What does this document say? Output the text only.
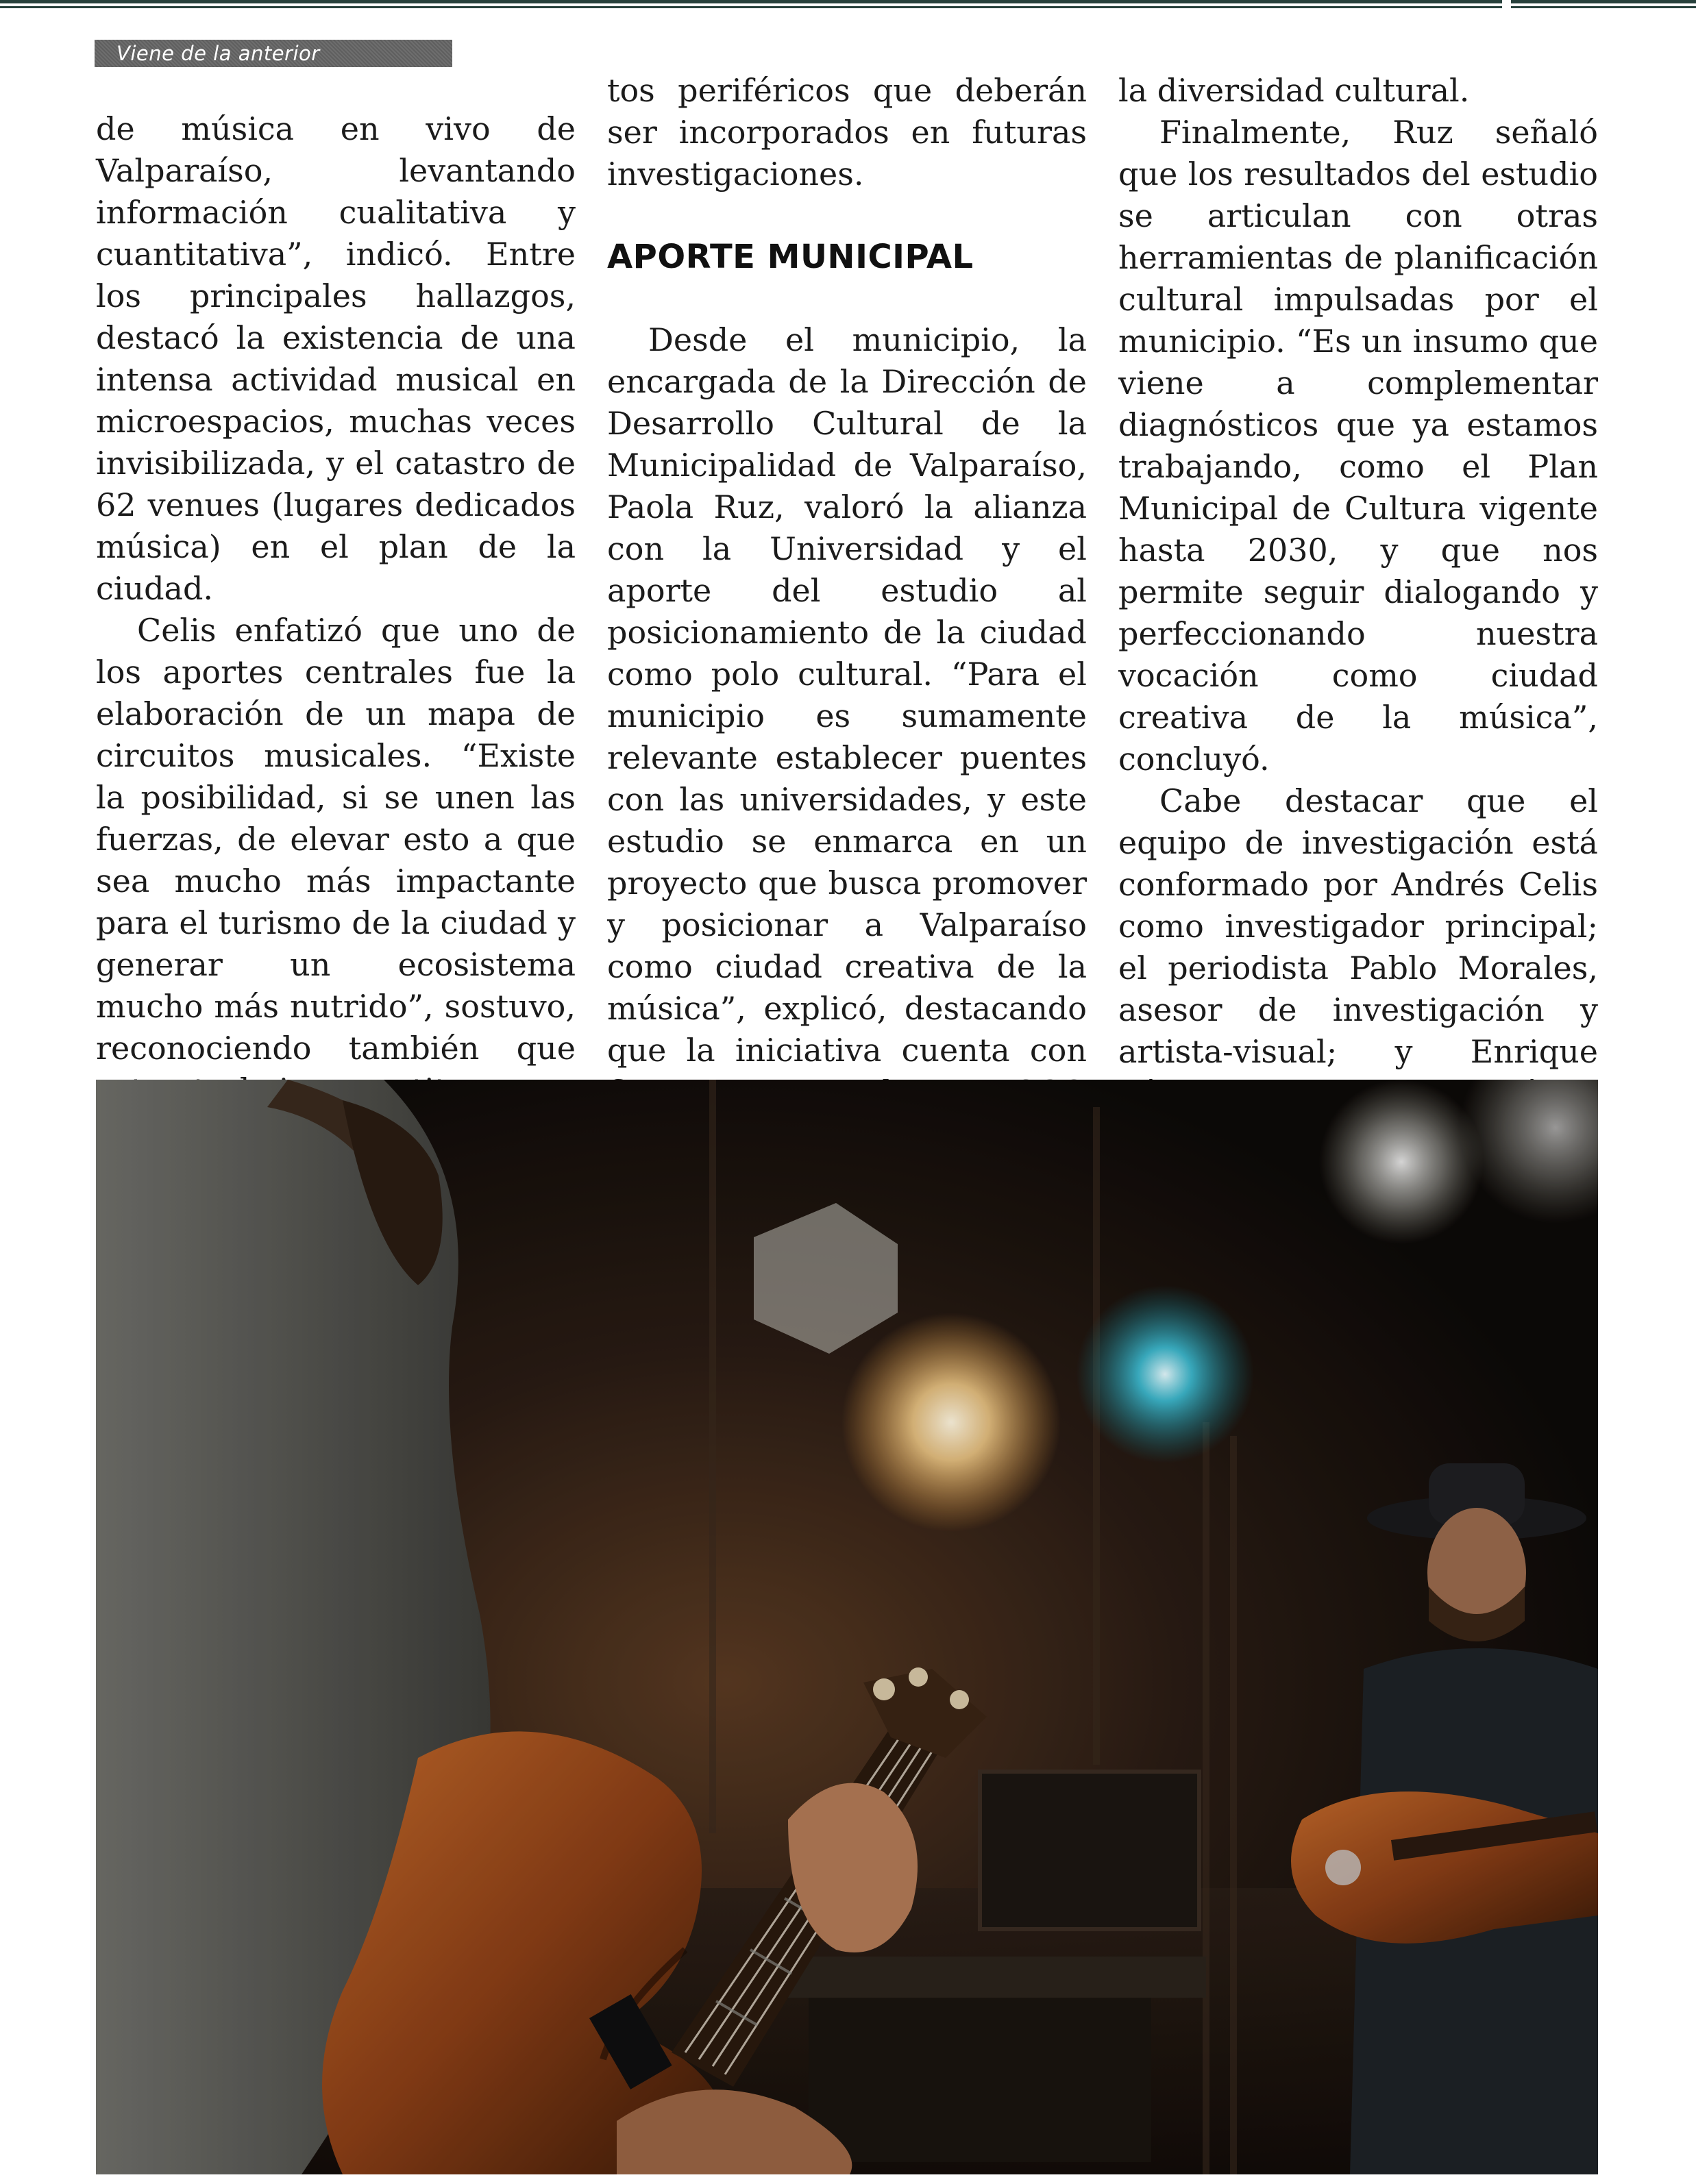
Viene de la anterior

de música en vivo de Valparaíso, levantando información cualitativa y cuantitativa”, indicó. Entre los principales hallazgos, destacó la existencia de una intensa actividad musical en microespacios, muchas veces invisibilizada, y el catastro de 62 venues (lugares dedicados música) en el plan de la ciudad.

Celis enfatizó que uno de los aportes centrales fue la elaboración de un mapa de circuitos musicales. “Existe la posibilidad, si se unen las fuerzas, de elevar esto a que sea mucho más impactante para el turismo de la ciudad y generar un ecosistema mucho más nutrido”, sostuvo, reconociendo también que

tos periféricos que deberán ser incorporados en futuras investigaciones.

APORTE MUNICIPAL

Desde el municipio, la encargada de la Dirección de Desarrollo Cultural de la Municipalidad de Valparaíso, Paola Ruz, valoró la alianza con la Universidad y el aporte del estudio al posicionamiento de la ciudad como polo cultural. “Para el municipio es sumamente relevante establecer puentes con las universidades, y este estudio se enmarca en un proyecto que busca promover y posicionar a Valparaíso como ciudad creativa de la música”, explicó, destacando que la iniciativa cuenta con

la diversidad cultural.

Finalmente, Ruz señaló que los resultados del estudio se articulan con otras herramientas de planificación cultural impulsadas por el municipio. “Es un insumo que viene a complementar diagnósticos que ya estamos trabajando, como el Plan Municipal de Cultura vigente hasta 2030, y que nos permite seguir dialogando y perfeccionando nuestra vocación como ciudad creativa de la música”, concluyó.

Cabe destacar que el equipo de investigación está conformado por Andrés Celis como investigador principal; el periodista Pablo Morales, asesor de investigación y artista-visual; y Enrique
